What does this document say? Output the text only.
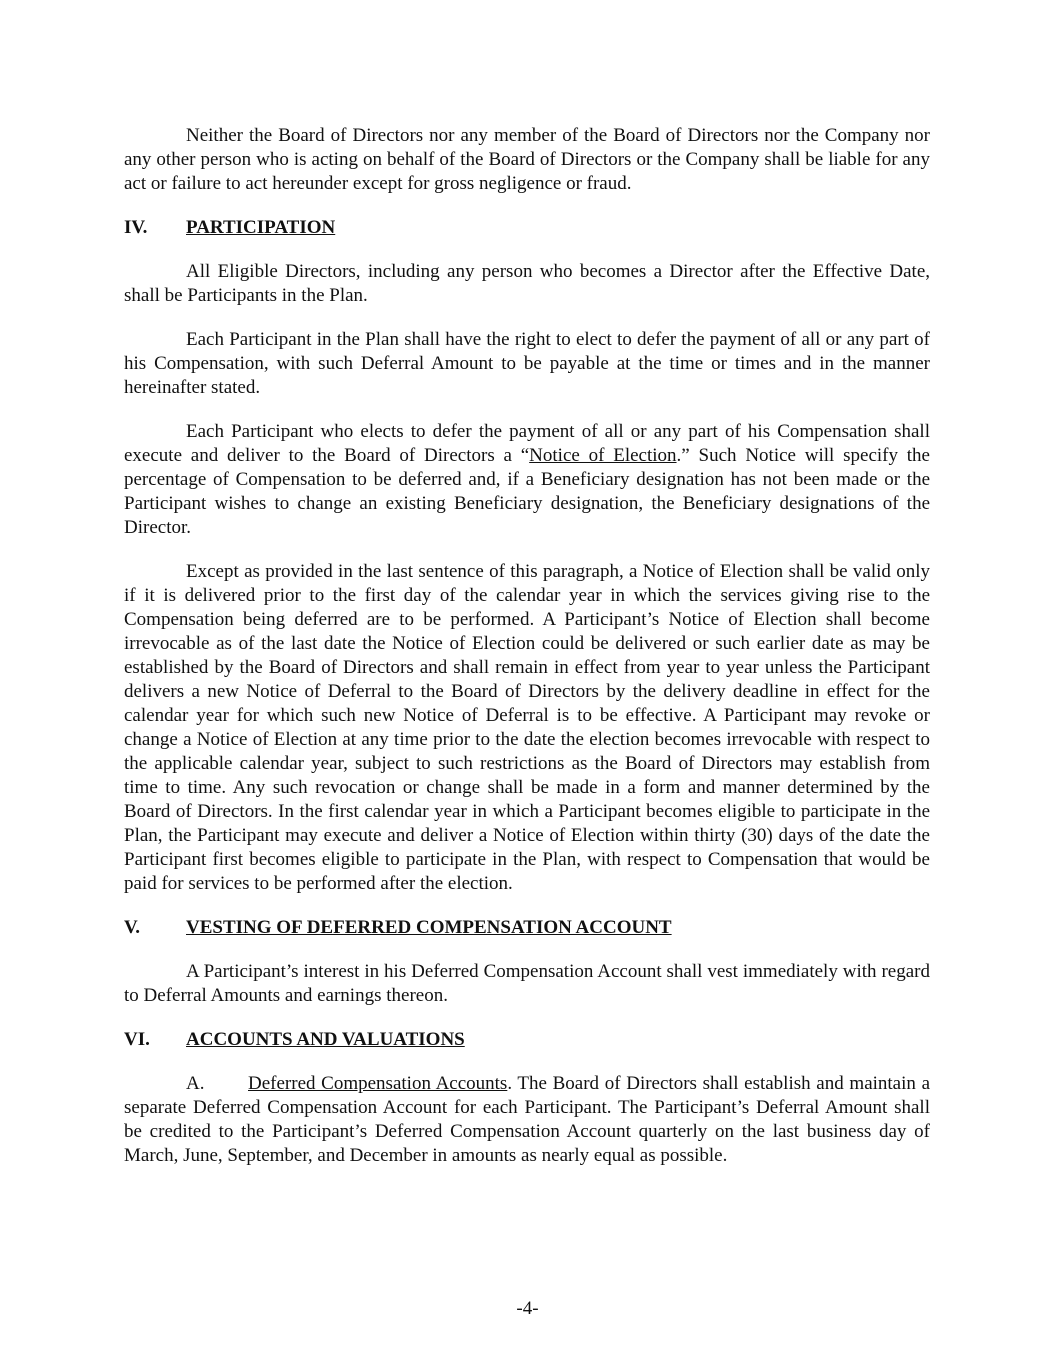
Neither the Board of Directors nor any member of the Board of Directors nor the Company nor any other person who is acting on behalf of the Board of Directors or the Company shall be liable for any act or failure to act hereunder except for gross negligence or fraud.

IV.	PARTICIPATION

All Eligible Directors, including any person who becomes a Director after the Effective Date, shall be Participants in the Plan.

Each Participant in the Plan shall have the right to elect to defer the payment of all or any part of his Compensation, with such Deferral Amount to be payable at the time or times and in the manner hereinafter stated.

Each Participant who elects to defer the payment of all or any part of his Compensation shall execute and deliver to the Board of Directors a “Notice of Election.” Such Notice will specify the percentage of Compensation to be deferred and, if a Beneficiary designation has not been made or the Participant wishes to change an existing Beneficiary designation, the Beneficiary designations of the Director.

Except as provided in the last sentence of this paragraph, a Notice of Election shall be valid only if it is delivered prior to the first day of the calendar year in which the services giving rise to the Compensation being deferred are to be performed. A Participant’s Notice of Election shall become irrevocable as of the last date the Notice of Election could be delivered or such earlier date as may be established by the Board of Directors and shall remain in effect from year to year unless the Participant delivers a new Notice of Deferral to the Board of Directors by the delivery deadline in effect for the calendar year for which such new Notice of Deferral is to be effective. A Participant may revoke or change a Notice of Election at any time prior to the date the election becomes irrevocable with respect to the applicable calendar year, subject to such restrictions as the Board of Directors may establish from time to time. Any such revocation or change shall be made in a form and manner determined by the Board of Directors. In the first calendar year in which a Participant becomes eligible to participate in the Plan, the Participant may execute and deliver a Notice of Election within thirty (30) days of the date the Participant first becomes eligible to participate in the Plan, with respect to Compensation that would be paid for services to be performed after the election.

V.	VESTING OF DEFERRED COMPENSATION ACCOUNT

A Participant’s interest in his Deferred Compensation Account shall vest immediately with regard to Deferral Amounts and earnings thereon.

VI.	ACCOUNTS AND VALUATIONS

A. Deferred Compensation Accounts. The Board of Directors shall establish and maintain a separate Deferred Compensation Account for each Participant. The Participant’s Deferral Amount shall be credited to the Participant’s Deferred Compensation Account quarterly on the last business day of March, June, September, and December in amounts as nearly equal as possible.

-4-
